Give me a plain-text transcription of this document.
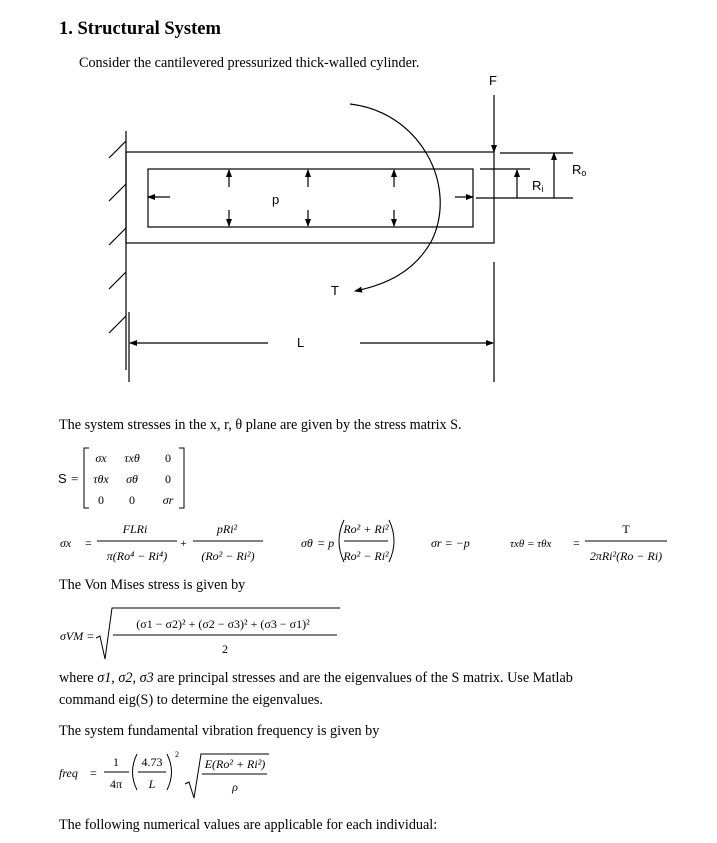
1. Structural System
Consider the cantilevered pressurized thick-walled cylinder.
F
p
T
L
Ro
Ri
The system stresses in the x, r, θ plane are given by the stress matrix S.
S =
σx τxθ 0
τθx σθ 0
0 0 σr
σx =
FLRi
π(Ro⁴ − Ri⁴)
+
pRi²
(Ro² − Ri²)
σθ = p
Ro² + Ri²
Ro² − Ri²
σr = −p	τxθ = τθx =
T
2πRi²(Ro − Ri)
The Von Mises stress is given by
σVM =
(σ1 − σ2)² + (σ2 − σ3)² + (σ3 − σ1)²
2
where σ1, σ2, σ3 are principal stresses and are the eigenvalues of the S matrix. Use Matlab
command eig(S) to determine the eigenvalues.
The system fundamental vibration frequency is given by
freq =
1
4π
4.73
L
2
E(Ro² + Ri²)
ρ
The following numerical values are applicable for each individual:
